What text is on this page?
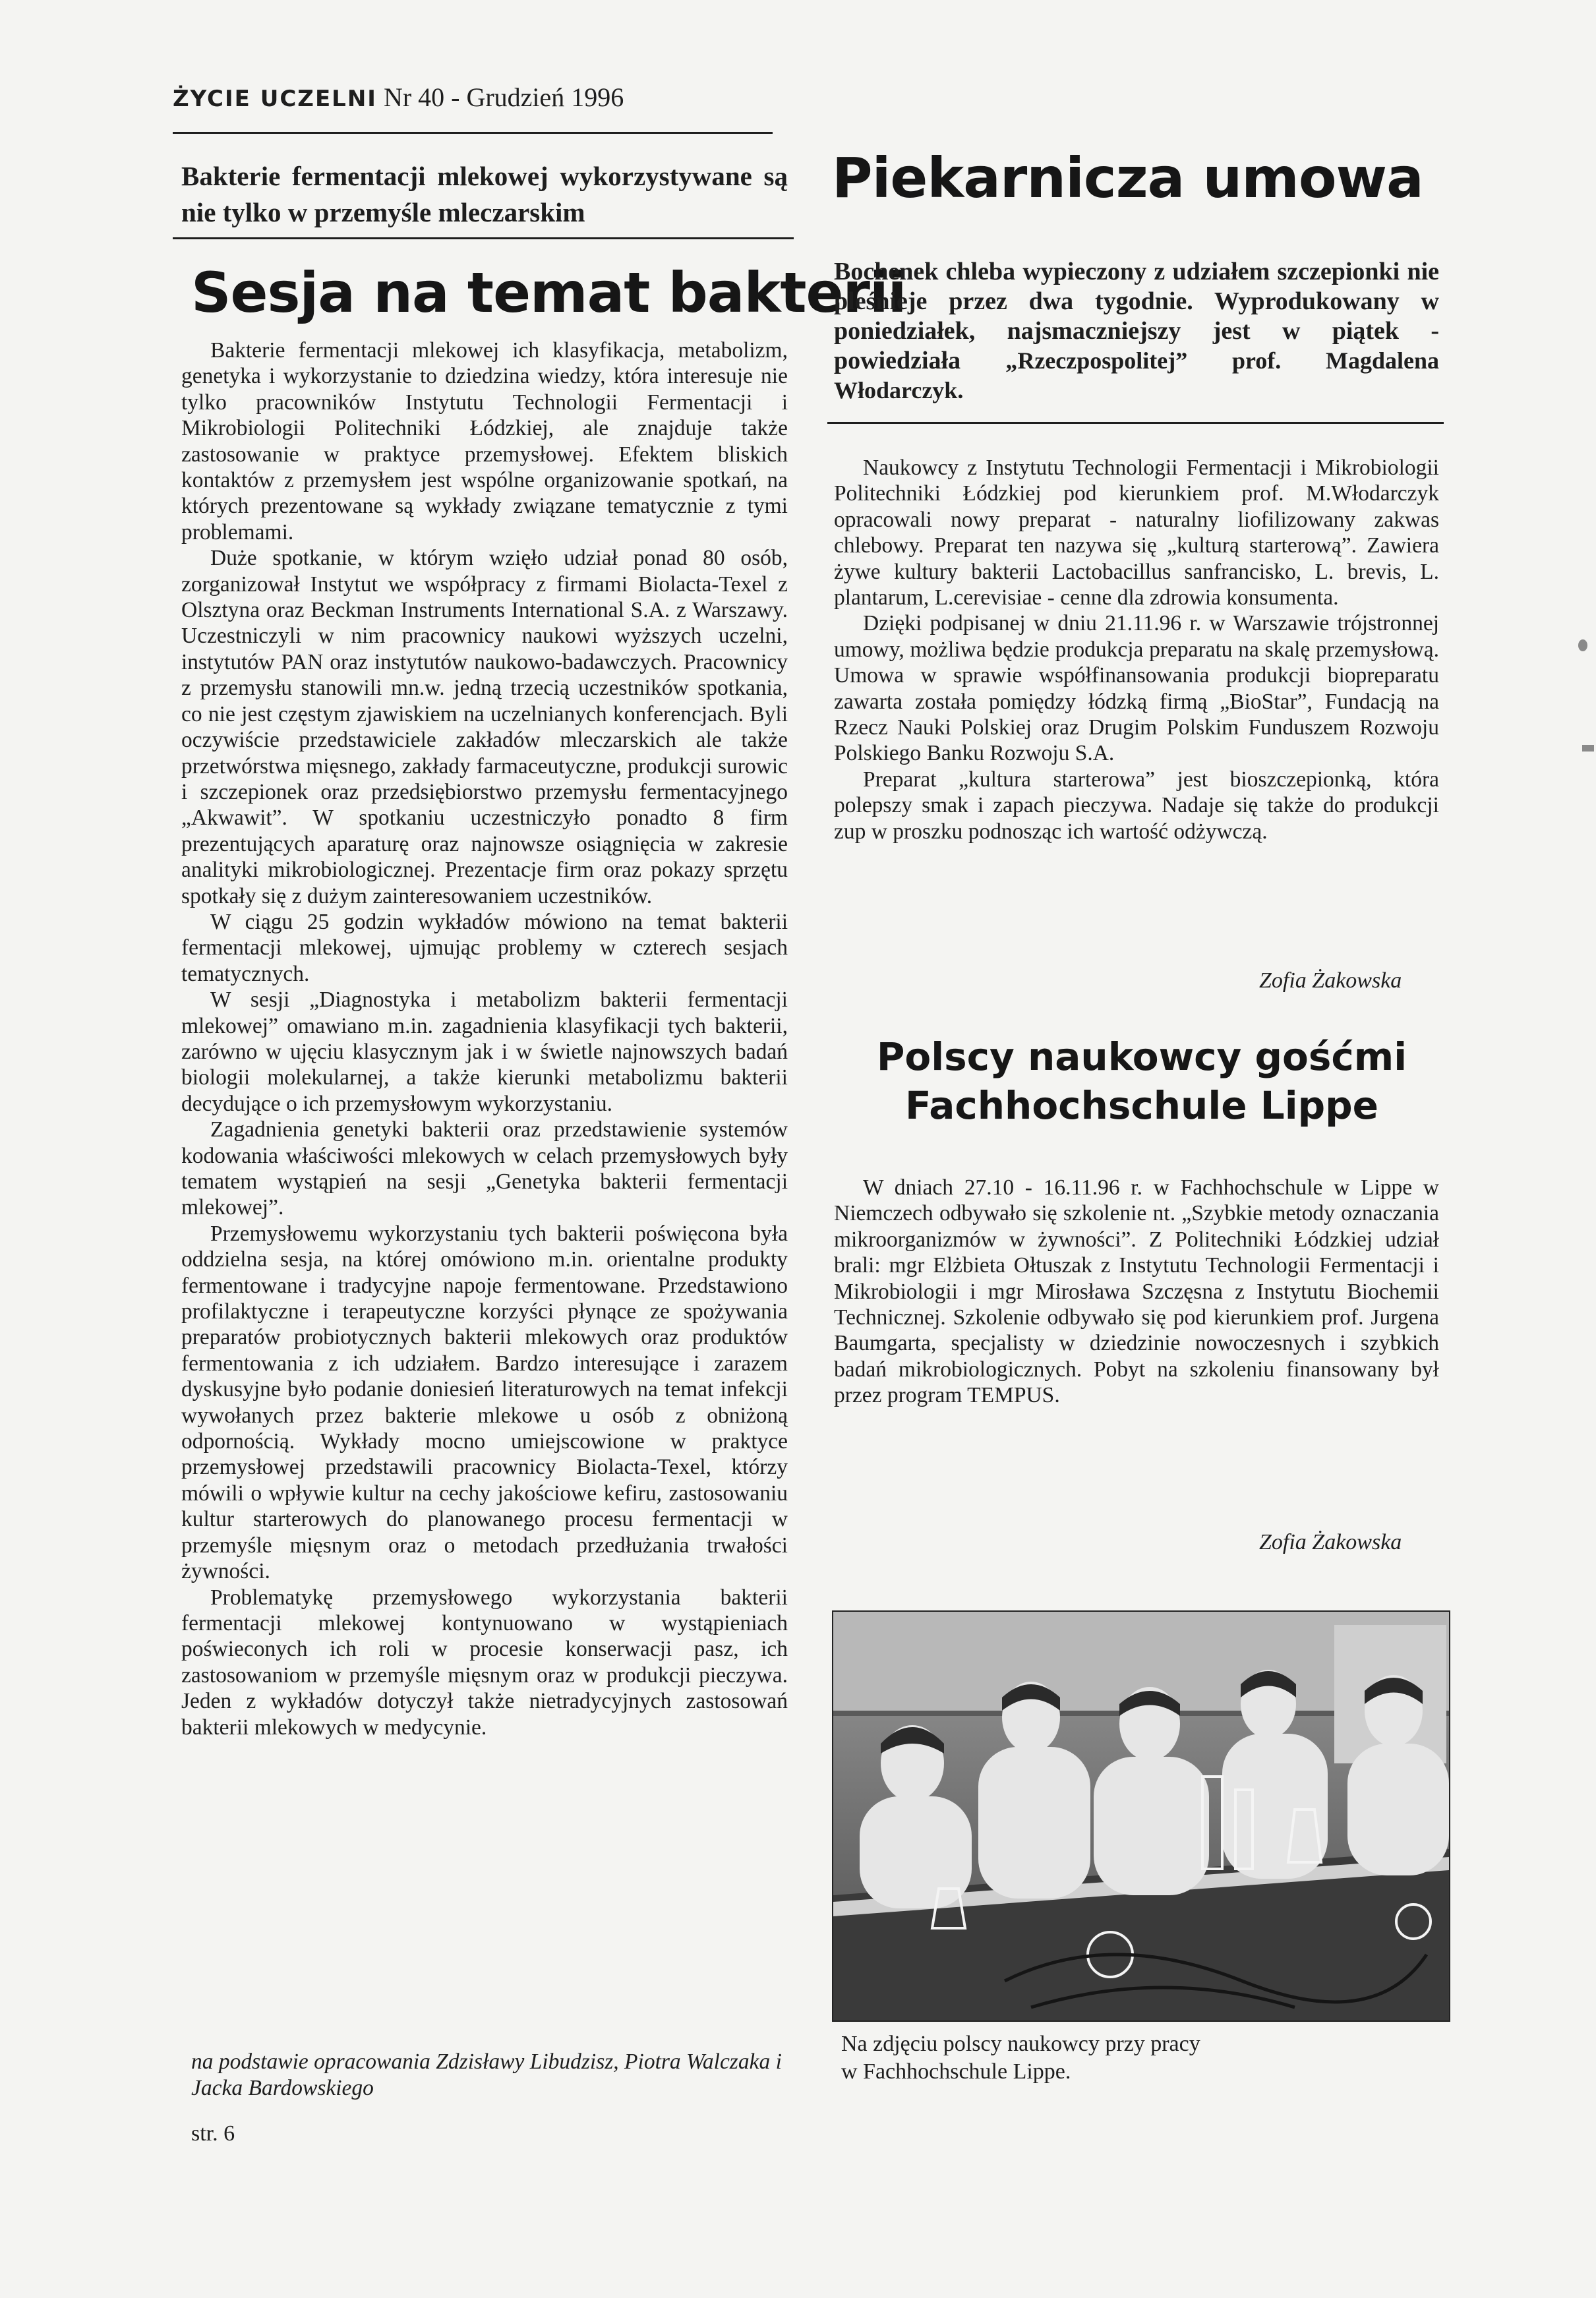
ŻYCIE UCZELNI Nr 40 - Grudzień 1996
Bakterie fermentacji mlekowej wykorzystywane są nie tylko w przemyśle mleczarskim
Sesja na temat bakterii

Bakterie fermentacji mlekowej ich klasyfikacja, metabolizm, genetyka i wykorzystanie to dziedzina wiedzy, która interesuje nie tylko pracowników Instytutu Technologii Fermentacji i Mikrobiologii Politechniki Łódzkiej, ale znajduje także zastosowanie w praktyce przemysłowej. Efektem bliskich kontaktów z przemysłem jest wspólne organizowanie spotkań, na których prezentowane są wykłady związane tematycznie z tymi problemami.

Duże spotkanie, w którym wzięło udział ponad 80 osób, zorganizował Instytut we współpracy z firmami Biolacta-Texel z Olsztyna oraz Beckman Instruments International S.A. z Warszawy. Uczestniczyli w nim pracownicy naukowi wyższych uczelni, instytutów PAN oraz instytutów naukowo-badawczych. Pracownicy z przemysłu stanowili mn.w. jedną trzecią uczestników spotkania, co nie jest częstym zjawiskiem na uczelnianych konferencjach. Byli oczywiście przedstawiciele zakładów mleczarskich ale także przetwórstwa mięsnego, zakłady farmaceutyczne, produkcji surowic i szczepionek oraz przedsiębiorstwo przemysłu fermentacyjnego „Akwawit”. W spotkaniu uczestniczyło ponadto 8 firm prezentujących aparaturę oraz najnowsze osiągnięcia w zakresie analityki mikrobiologicznej. Prezentacje firm oraz pokazy sprzętu spotkały się z dużym zainteresowaniem uczestników.

W ciągu 25 godzin wykładów mówiono na temat bakterii fermentacji mlekowej, ujmując problemy w czterech sesjach tematycznych.

W sesji „Diagnostyka i metabolizm bakterii fermentacji mlekowej” omawiano m.in. zagadnienia klasyfikacji tych bakterii, zarówno w ujęciu klasycznym jak i w świetle najnowszych badań biologii molekularnej, a także kierunki metabolizmu bakterii decydujące o ich przemysłowym wykorzystaniu.

Zagadnienia genetyki bakterii oraz przedstawienie systemów kodowania właściwości mlekowych w celach przemysłowych były tematem wystąpień na sesji „Genetyka bakterii fermentacji mlekowej”.

Przemysłowemu wykorzystaniu tych bakterii poświęcona była oddzielna sesja, na której omówiono m.in. orientalne produkty fermentowane i tradycyjne napoje fermentowane. Przedstawiono profilaktyczne i terapeutyczne korzyści płynące ze spożywania preparatów probiotycznych bakterii mlekowych oraz produktów fermentowania z ich udziałem. Bardzo interesujące i zarazem dyskusyjne było podanie doniesień literaturowych na temat infekcji wywołanych przez bakterie mlekowe u osób z obniżoną odpornością. Wykłady mocno umiejscowione w praktyce przemysłowej przedstawili pracownicy Biolacta-Texel, którzy mówili o wpływie kultur na cechy jakościowe kefiru, zastosowaniu kultur starterowych do planowanego procesu fermentacji w przemyśle mięsnym oraz o metodach przedłużania trwałości żywności.

Problematykę przemysłowego wykorzystania bakterii fermentacji mlekowej kontynuowano w wystąpieniach poświeconych ich roli w procesie konserwacji pasz, ich zastosowaniom w przemyśle mięsnym oraz w produkcji pieczywa. Jeden z wykładów dotyczył także nietradycyjnych zastosowań bakterii mlekowych w medycynie.

na podstawie opracowania Zdzisławy Libudzisz, Piotra Walczaka i Jacka Bardowskiego
str. 6
Piekarnicza umowa
Bochenek chleba wypieczony z udziałem szczepionki nie pleśnieje przez dwa tygodnie. Wyprodukowany w poniedziałek, najsmaczniejszy jest w piątek - powiedziała „Rzeczpospolitej” prof. Magdalena Włodarczyk.

Naukowcy z Instytutu Technologii Fermentacji i Mikrobiologii Politechniki Łódzkiej pod kierunkiem prof. M.Włodarczyk opracowali nowy preparat - naturalny liofilizowany zakwas chlebowy. Preparat ten nazywa się „kulturą starterową”. Zawiera żywe kultury bakterii Lactobacillus sanfrancisko, L. brevis, L. plantarum, L.cerevisiae - cenne dla zdrowia konsumenta.

Dzięki podpisanej w dniu 21.11.96 r. w Warszawie trójstronnej umowy, możliwa będzie produkcja preparatu na skalę przemysłową. Umowa w sprawie współfinansowania produkcji biopreparatu zawarta została pomiędzy łódzką firmą „BioStar”, Fundacją na Rzecz Nauki Polskiej oraz Drugim Polskim Funduszem Rozwoju Polskiego Banku Rozwoju S.A.

Preparat „kultura starterowa” jest bioszczepionką, która polepszy smak i zapach pieczywa. Nadaje się także do produkcji zup w proszku podnosząc ich wartość odżywczą.

Zofia Żakowska
Polscy naukowcy gośćmi
Fachhochschule Lippe

W dniach 27.10 - 16.11.96 r. w Fachhochschule w Lippe w Niemczech odbywało się szkolenie nt. „Szybkie metody oznaczania mikroorganizmów w żywności”. Z Politechniki Łódzkiej udział brali: mgr Elżbieta Ołtuszak z Instytutu Technologii Fermentacji i Mikrobiologii i mgr Mirosława Szczęsna z Instytutu Biochemii Technicznej. Szkolenie odbywało się pod kierunkiem prof. Jurgena Baumgarta, specjalisty w dziedzinie nowoczesnych i szybkich badań mikrobiologicznych. Pobyt na szkoleniu finansowany był przez program TEMPUS.

Zofia Żakowska
Na zdjęciu polscy naukowcy przy pracy
w Fachhochschule Lippe.
